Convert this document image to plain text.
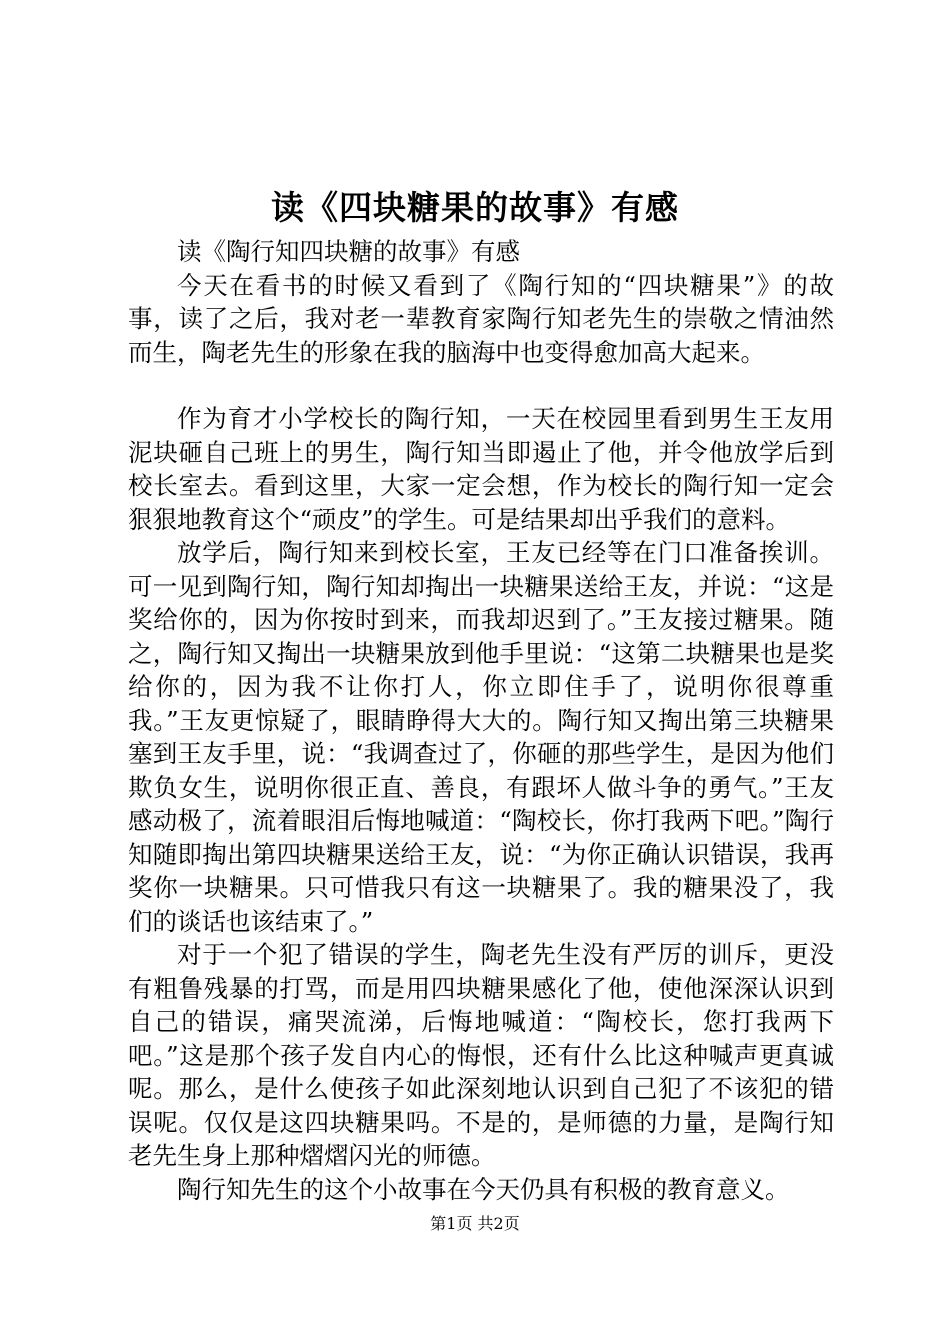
读《四块糖果的故事》有感

读《陶行知四块糖的故事》有感

今天在看书的时候又看到了《陶行知的“四块糖果”》的故事，读了之后，我对老一辈教育家陶行知老先生的崇敬之情油然而生，陶老先生的形象在我的脑海中也变得愈加高大起来。

作为育才小学校长的陶行知，一天在校园里看到男生王友用泥块砸自己班上的男生，陶行知当即遏止了他，并令他放学后到校长室去。看到这里，大家一定会想，作为校长的陶行知一定会狠狠地教育这个“顽皮”的学生。可是结果却出乎我们的意料。

放学后，陶行知来到校长室，王友已经等在门口准备挨训。可一见到陶行知，陶行知却掏出一块糖果送给王友，并说：“这是奖给你的，因为你按时到来，而我却迟到了。”王友接过糖果。随之，陶行知又掏出一块糖果放到他手里说：“这第二块糖果也是奖给你的，因为我不让你打人，你立即住手了，说明你很尊重我。”王友更惊疑了，眼睛睁得大大的。陶行知又掏出第三块糖果塞到王友手里，说：“我调查过了，你砸的那些学生，是因为他们欺负女生，说明你很正直、善良，有跟坏人做斗争的勇气。”王友感动极了，流着眼泪后悔地喊道：“陶校长，你打我两下吧。”陶行知随即掏出第四块糖果送给王友，说：“为你正确认识错误，我再奖你一块糖果。只可惜我只有这一块糖果了。我的糖果没了，我们的谈话也该结束了。”

对于一个犯了错误的学生，陶老先生没有严厉的训斥，更没有粗鲁残暴的打骂，而是用四块糖果感化了他，使他深深认识到自己的错误，痛哭流涕，后悔地喊道：“陶校长，您打我两下吧。”这是那个孩子发自内心的悔恨，还有什么比这种喊声更真诚呢。那么，是什么使孩子如此深刻地认识到自己犯了不该犯的错误呢。仅仅是这四块糖果吗。不是的，是师德的力量，是陶行知老先生身上那种熠熠闪光的师德。

陶行知先生的这个小故事在今天仍具有积极的教育意义。

第1页 共2页
